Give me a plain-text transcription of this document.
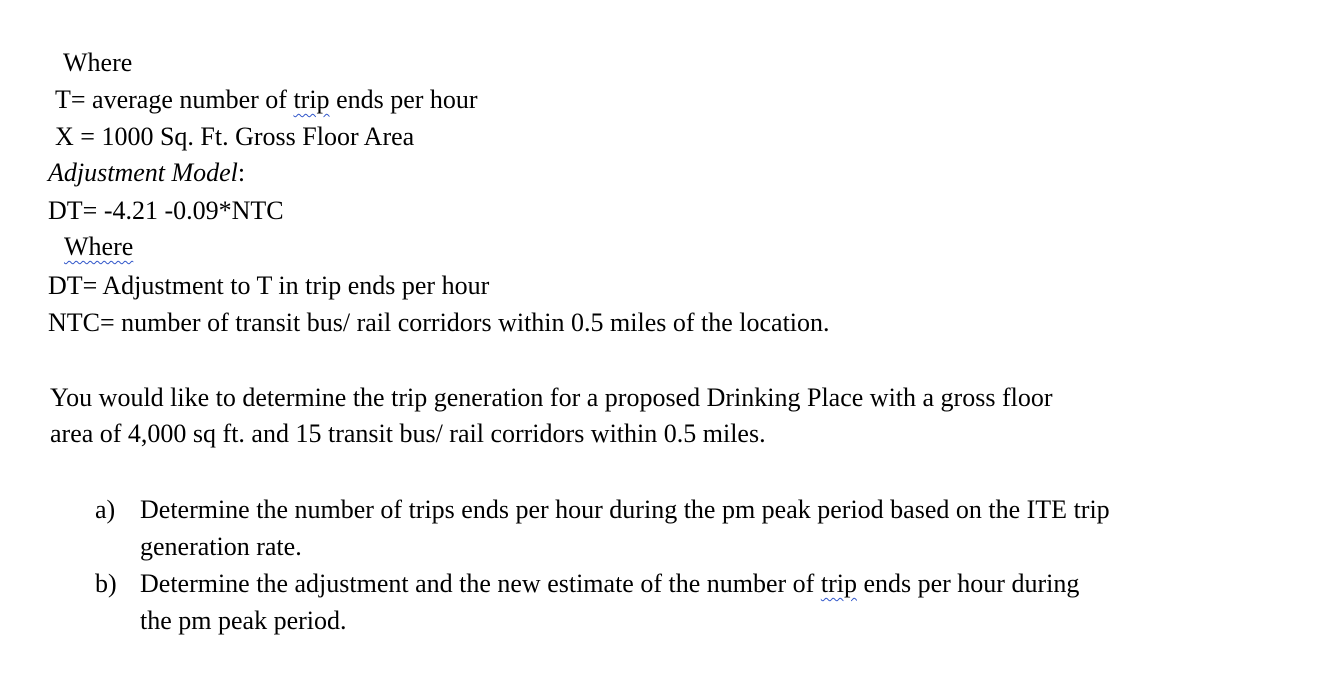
Where
T= average number of trip ends per hour
X = 1000 Sq. Ft. Gross Floor Area
Adjustment Model:
DT= -4.21 -0.09*NTC
Where
DT= Adjustment to T in trip ends per hour
NTC= number of transit bus/ rail corridors within 0.5 miles of the location.
You would like to determine the trip generation for a proposed Drinking Place with a gross floor
area of 4,000 sq ft. and 15 transit bus/ rail corridors within 0.5 miles.
a) Determine the number of trips ends per hour during the pm peak period based on the ITE trip
generation rate.
b) Determine the adjustment and the new estimate of the number of trip ends per hour during
the pm peak period.
